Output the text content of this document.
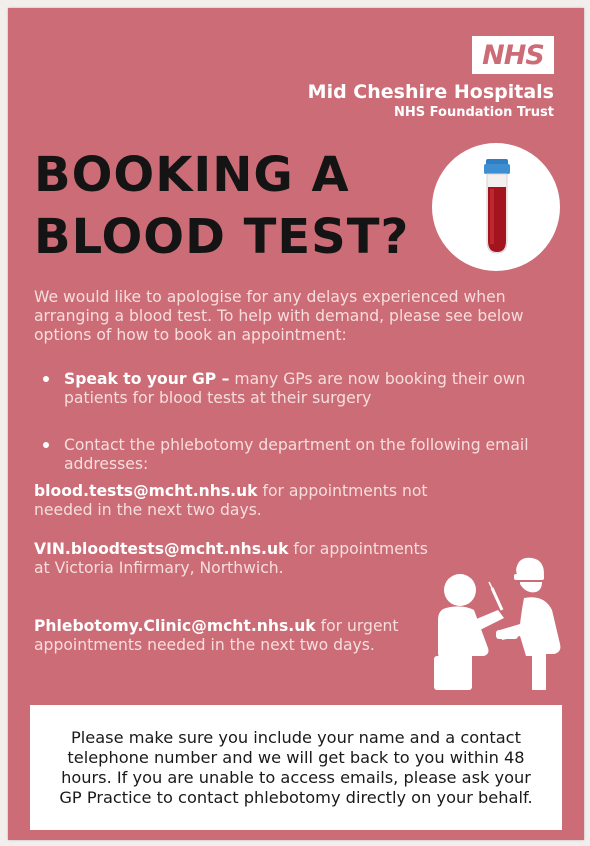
NHS
Mid Cheshire Hospitals
NHS Foundation Trust
BOOKING A
BLOOD TEST?
We would like to apologise for any delays experienced when arranging a blood test. To help with demand, please see below options of how to book an appointment:
Speak to your GP – many GPs are now booking their own patients for blood tests at their surgery
Contact the phlebotomy department on the following email addresses:
blood.tests@mcht.nhs.uk for appointments not needed in the next two days.
VIN.bloodtests@mcht.nhs.uk for appointments at Victoria Infirmary, Northwich.
Phlebotomy.Clinic@mcht.nhs.uk for urgent appointments needed in the next two days.

Please make sure you include your name and a contact telephone number and we will get back to you within 48 hours. If you are unable to access emails, please ask your GP Practice to contact phlebotomy directly on your behalf.
